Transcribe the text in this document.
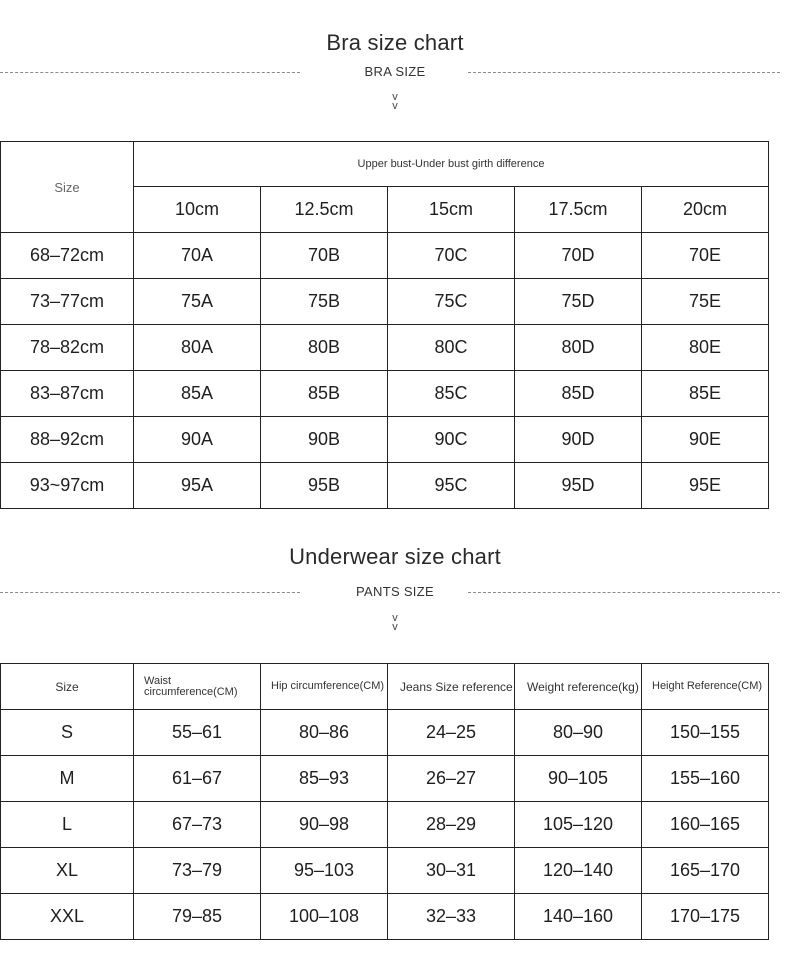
Bra size chart
BRA SIZE
v
v
Size	Upper bust-Under bust girth difference				
	10cm	12.5cm	15cm	17.5cm	20cm
68–72cm	70A	70B	70C	70D	70E
73–77cm	75A	75B	75C	75D	75E
78–82cm	80A	80B	80C	80D	80E
83–87cm	85A	85B	85C	85D	85E
88–92cm	90A	90B	90C	90D	90E
93~97cm	95A	95B	95C	95D	95E
Underwear size chart
PANTS SIZE
v
v
Size	Waist circumference(CM)	Hip circumference(CM)	Jeans Size reference	Weight reference(kg)	Height Reference(CM)
S	55–61	80–86	24–25	80–90	150–155
M	61–67	85–93	26–27	90–105	155–160
L	67–73	90–98	28–29	105–120	160–165
XL	73–79	95–103	30–31	120–140	165–170
XXL	79–85	100–108	32–33	140–160	170–175
